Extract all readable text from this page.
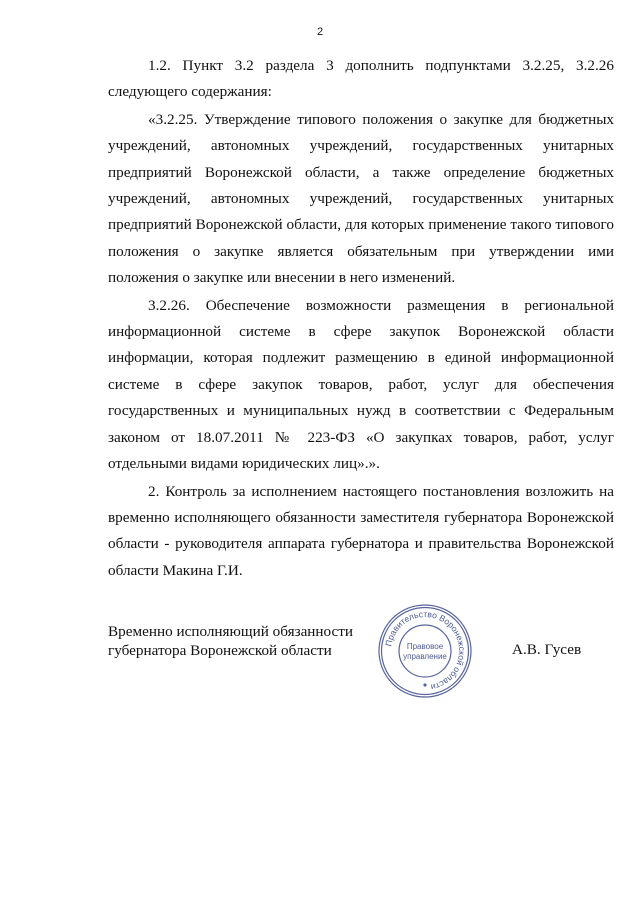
2

1.2. Пункт 3.2 раздела 3 дополнить подпунктами 3.2.25, 3.2.26 следующего содержания:

«3.2.25. Утверждение типового положения о закупке для бюджетных учреждений, автономных учреждений, государственных унитарных предприятий Воронежской области, а также определение бюджетных учреждений, автономных учреждений, государственных унитарных предприятий Воронежской области, для которых применение такого типового положения о закупке является обязательным при утверждении ими положения о закупке или внесении в него изменений.

3.2.26. Обеспечение возможности размещения в региональной информационной системе в сфере закупок Воронежской области информации, которая подлежит размещению в единой информационной системе в сфере закупок товаров, работ, услуг для обеспечения государственных и муниципальных нужд в соответствии с Федеральным законом от 18.07.2011 № 223-ФЗ «О закупках товаров, работ, услуг отдельными видами юридических лиц».».

2. Контроль за исполнением настоящего постановления возложить на временно исполняющего обязанности заместителя губернатора Воронежской области - руководителя аппарата губернатора и правительства Воронежской области Макина Г.И.

Временно исполняющий обязанности
губернатора Воронежской области	Правительство Воронежской области
Правовое
управление	А.В. Гусев
